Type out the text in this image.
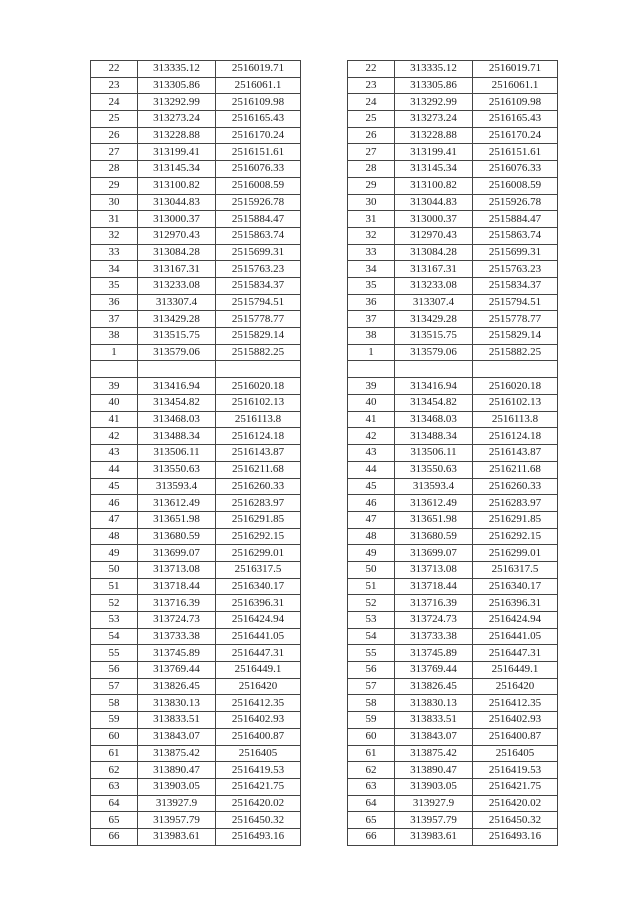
22	313335.12	2516019.71
23	313305.86	2516061.1
24	313292.99	2516109.98
25	313273.24	2516165.43
26	313228.88	2516170.24
27	313199.41	2516151.61
28	313145.34	2516076.33
29	313100.82	2516008.59
30	313044.83	2515926.78
31	313000.37	2515884.47
32	312970.43	2515863.74
33	313084.28	2515699.31
34	313167.31	2515763.23
35	313233.08	2515834.37
36	313307.4	2515794.51
37	313429.28	2515778.77
38	313515.75	2515829.14
1	313579.06	2515882.25

39	313416.94	2516020.18
40	313454.82	2516102.13
41	313468.03	2516113.8
42	313488.34	2516124.18
43	313506.11	2516143.87
44	313550.63	2516211.68
45	313593.4	2516260.33
46	313612.49	2516283.97
47	313651.98	2516291.85
48	313680.59	2516292.15
49	313699.07	2516299.01
50	313713.08	2516317.5
51	313718.44	2516340.17
52	313716.39	2516396.31
53	313724.73	2516424.94
54	313733.38	2516441.05
55	313745.89	2516447.31
56	313769.44	2516449.1
57	313826.45	2516420
58	313830.13	2516412.35
59	313833.51	2516402.93
60	313843.07	2516400.87
61	313875.42	2516405
62	313890.47	2516419.53
63	313903.05	2516421.75
64	313927.9	2516420.02
65	313957.79	2516450.32
66	313983.61	2516493.16
22	313335.12	2516019.71
23	313305.86	2516061.1
24	313292.99	2516109.98
25	313273.24	2516165.43
26	313228.88	2516170.24
27	313199.41	2516151.61
28	313145.34	2516076.33
29	313100.82	2516008.59
30	313044.83	2515926.78
31	313000.37	2515884.47
32	312970.43	2515863.74
33	313084.28	2515699.31
34	313167.31	2515763.23
35	313233.08	2515834.37
36	313307.4	2515794.51
37	313429.28	2515778.77
38	313515.75	2515829.14
1	313579.06	2515882.25

39	313416.94	2516020.18
40	313454.82	2516102.13
41	313468.03	2516113.8
42	313488.34	2516124.18
43	313506.11	2516143.87
44	313550.63	2516211.68
45	313593.4	2516260.33
46	313612.49	2516283.97
47	313651.98	2516291.85
48	313680.59	2516292.15
49	313699.07	2516299.01
50	313713.08	2516317.5
51	313718.44	2516340.17
52	313716.39	2516396.31
53	313724.73	2516424.94
54	313733.38	2516441.05
55	313745.89	2516447.31
56	313769.44	2516449.1
57	313826.45	2516420
58	313830.13	2516412.35
59	313833.51	2516402.93
60	313843.07	2516400.87
61	313875.42	2516405
62	313890.47	2516419.53
63	313903.05	2516421.75
64	313927.9	2516420.02
65	313957.79	2516450.32
66	313983.61	2516493.16
